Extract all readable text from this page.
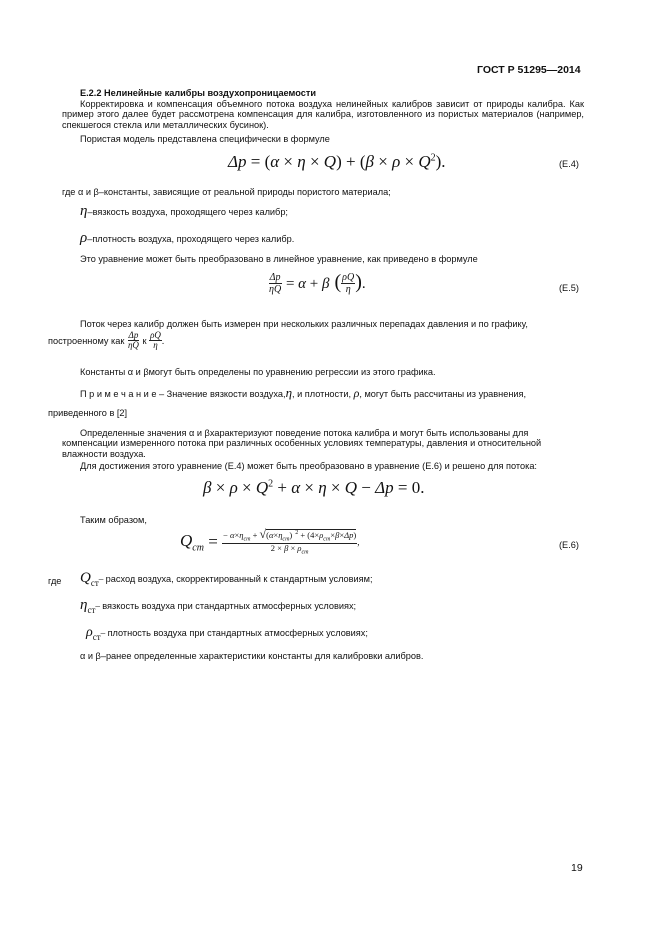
ГОСТ Р 51295—2014
Е.2.2 Нелинейные калибры воздухопроницаемости
Корректировка и компенсация объемного потока воздуха нелинейных калибров зависит от природы калибра. Как пример этого далее будет рассмотрена компенсация для калибра, изготовленного из пористых материалов (например, спекшегося стекла или металлических бусинок).
Пористая модель представлена специфически в формуле
$\Delta p = (\alpha \times \eta \times Q) + (\beta \times \rho \times Q^2)$.	(Е.4)
где α и β–константы, зависящие от реальной природы пористого материала;
η–вязкость воздуха, проходящего через калибр;
ρ–плотность воздуха, проходящего через калибр.
Это уравнение может быть преобразовано в линейное уравнение, как приведено в формуле
$\frac{\Delta p}{\eta Q} = \alpha + \beta$ ( $\frac{\rho Q}{\eta}$ ).	(Е.5)
Поток через калибр должен быть измерен при нескольких различных перепадах давления и по графику,
построенному как $\frac{\Delta p}{\eta Q}$ к $\frac{\rho Q}{\eta}$ .
Константы α и βмогут быть определены по уравнению регрессии из этого графика.
П р и м е ч а н и е – Значение вязкости воздуха,η, и плотности, ρ, могут быть рассчитаны из уравнения,
приведенного в [2]
Определенные значения α и βхарактеризуют поведение потока калибра и могут быть использованы для компенсации измеренного потока при различных особенных условиях температуры, давления и относительной влажности воздуха.
Для достижения этого уравнение (Е.4) может быть преобразовано в уравнение (Е.6) и решено для потока:
$\beta \times \rho \times Q^2 + \alpha \times \eta \times Q - \Delta p = 0$.
Таким образом,
$Q_{cm} = \frac{- \alpha\times\eta_{cm} + √(\alpha\times\eta_{cm}) ^2 + (4\times\rho_{cm}\times\beta\times\Delta p)}{2 \times \beta \times \rho_{cm}}$ ,	(Е.6)
где $Q_{ст}-$ расход воздуха, скорректированный к стандартным условиям;
$\eta_{ст}-$ вязкость воздуха при стандартных атмосферных условиях;
$\rho_{ст}-$ плотность воздуха при стандартных атмосферных условиях;
α и β–ранее определенные характеристики константы для калибровки алибров.
19
